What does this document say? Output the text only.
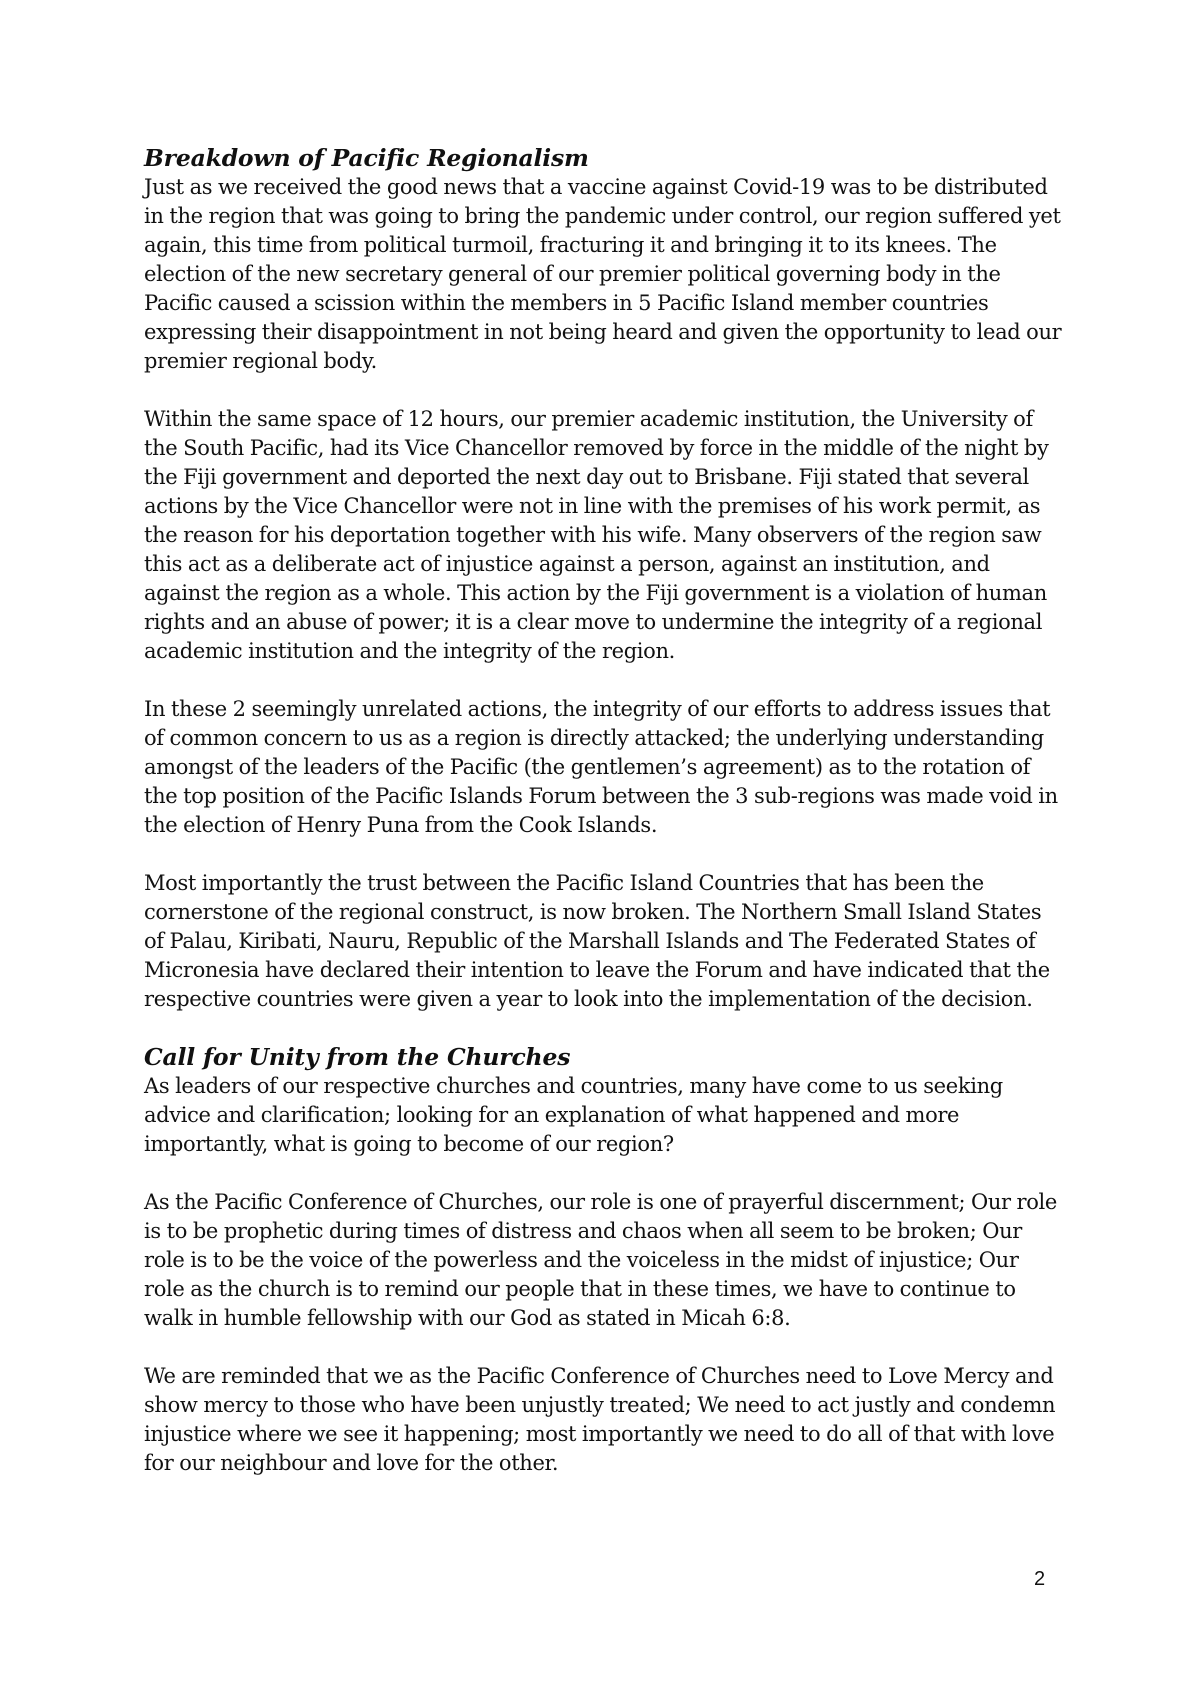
Breakdown of Pacific Regionalism

Just as we received the good news that a vaccine against Covid-19 was to be distributed in the region that was going to bring the pandemic under control, our region suffered yet again, this time from political turmoil, fracturing it and bringing it to its knees. The election of the new secretary general of our premier political governing body in the Pacific caused a scission within the members in 5 Pacific Island member countries expressing their disappointment in not being heard and given the opportunity to lead our premier regional body.

Within the same space of 12 hours, our premier academic institution, the University of the South Pacific, had its Vice Chancellor removed by force in the middle of the night by the Fiji government and deported the next day out to Brisbane. Fiji stated that several actions by the Vice Chancellor were not in line with the premises of his work permit, as the reason for his deportation together with his wife. Many observers of the region saw this act as a deliberate act of injustice against a person, against an institution, and against the region as a whole. This action by the Fiji government is a violation of human rights and an abuse of power; it is a clear move to undermine the integrity of a regional academic institution and the integrity of the region.

In these 2 seemingly unrelated actions, the integrity of our efforts to address issues that of common concern to us as a region is directly attacked; the underlying understanding amongst of the leaders of the Pacific (the gentlemen’s agreement) as to the rotation of the top position of the Pacific Islands Forum between the 3 sub-regions was made void in the election of Henry Puna from the Cook Islands.

Most importantly the trust between the Pacific Island Countries that has been the cornerstone of the regional construct, is now broken. The Northern Small Island States of Palau, Kiribati, Nauru, Republic of the Marshall Islands and The Federated States of Micronesia have declared their intention to leave the Forum and have indicated that the respective countries were given a year to look into the implementation of the decision.

Call for Unity from the Churches

As leaders of our respective churches and countries, many have come to us seeking advice and clarification; looking for an explanation of what happened and more importantly, what is going to become of our region?

As the Pacific Conference of Churches, our role is one of prayerful discernment; Our role is to be prophetic during times of distress and chaos when all seem to be broken; Our role is to be the voice of the powerless and the voiceless in the midst of injustice; Our role as the church is to remind our people that in these times, we have to continue to walk in humble fellowship with our God as stated in Micah 6:8.

We are reminded that we as the Pacific Conference of Churches need to Love Mercy and show mercy to those who have been unjustly treated; We need to act justly and condemn injustice where we see it happening; most importantly we need to do all of that with love for our neighbour and love for the other.

2
